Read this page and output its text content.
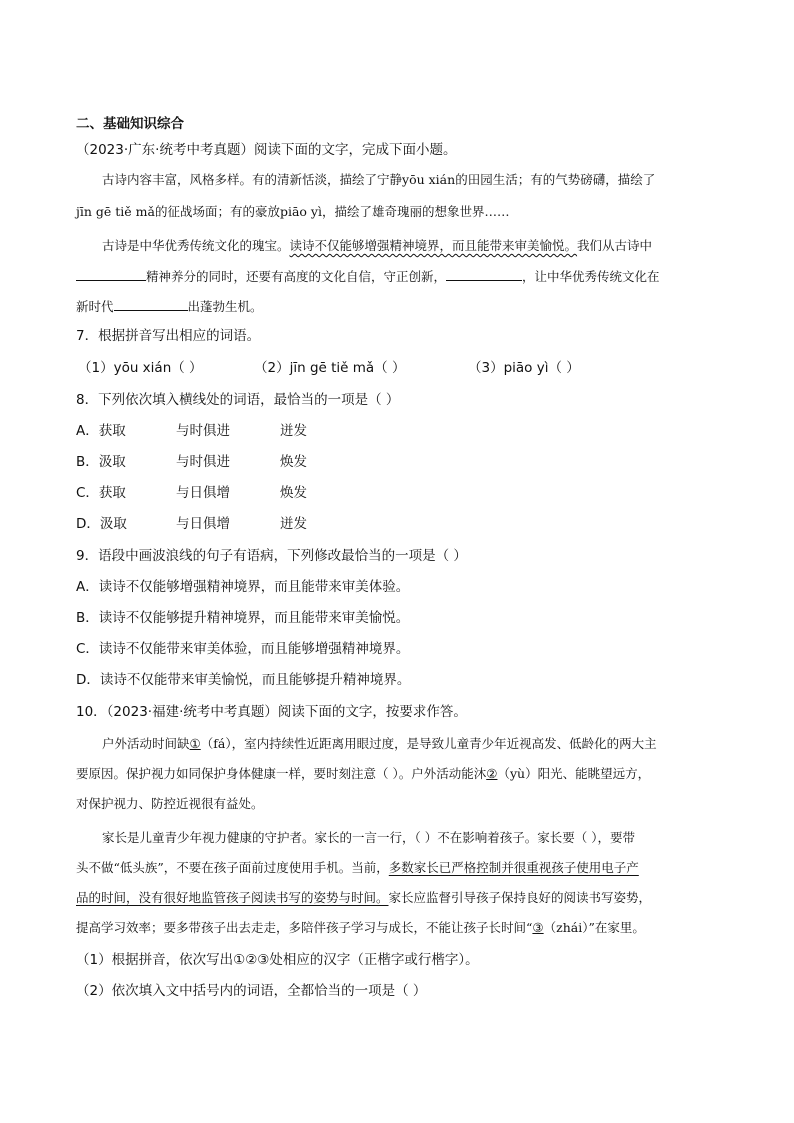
二、基础知识综合
（2023·广东·统考中考真题）阅读下面的文字，完成下面小题。
古诗内容丰富，风格多样。有的清新恬淡，描绘了宁静yōu xián的田园生活；有的气势磅礴，描绘了
jīn gē tiě mǎ的征战场面；有的豪放piāo yì，描绘了雄奇瑰丽的想象世界……
古诗是中华优秀传统文化的瑰宝。读诗不仅能够增强精神境界，而且能带来审美愉悦。我们从古诗中
精神养分的同时，还要有高度的文化自信，守正创新，	，让中华优秀传统文化在
新时代	出蓬勃生机。
7．根据拼音写出相应的词语。
（1）yōu xián（ ）	（2）jīn gē tiě mǎ（ ）	（3）piāo yì（ ）
8．下列依次填入横线处的词语，最恰当的一项是（ ）
A．获取	与时俱进	迸发
B．汲取	与时俱进	焕发
C．获取	与日俱增	焕发
D．汲取	与日俱增	迸发
9．语段中画波浪线的句子有语病，下列修改最恰当的一项是（ ）
A．读诗不仅能够增强精神境界，而且能带来审美体验。
B．读诗不仅能够提升精神境界，而且能带来审美愉悦。
C．读诗不仅能带来审美体验，而且能够增强精神境界。
D．读诗不仅能带来审美愉悦，而且能够提升精神境界。
10．（2023·福建·统考中考真题）阅读下面的文字，按要求作答。
户外活动时间缺①（fá），室内持续性近距离用眼过度，是导致儿童青少年近视高发、低龄化的两大主
要原因。保护视力如同保护身体健康一样，要时刻注意（ ）。户外活动能沐②（yù）阳光、能眺望远方，
对保护视力、防控近视很有益处。
家长是儿童青少年视力健康的守护者。家长的一言一行，（ ）不在影响着孩子。家长要（ ），要带
头不做“低头族”，不要在孩子面前过度使用手机。当前，多数家长已严格控制并很重视孩子使用电子产
品的时间，没有很好地监管孩子阅读书写的姿势与时间。家长应监督引导孩子保持良好的阅读书写姿势，
提高学习效率；要多带孩子出去走走，多陪伴孩子学习与成长，不能让孩子长时间“③（zhái）”在家里。
（1）根据拼音，依次写出①②③处相应的汉字（正楷字或行楷字）。
（2）依次填入文中括号内的词语，全都恰当的一项是（ ）
